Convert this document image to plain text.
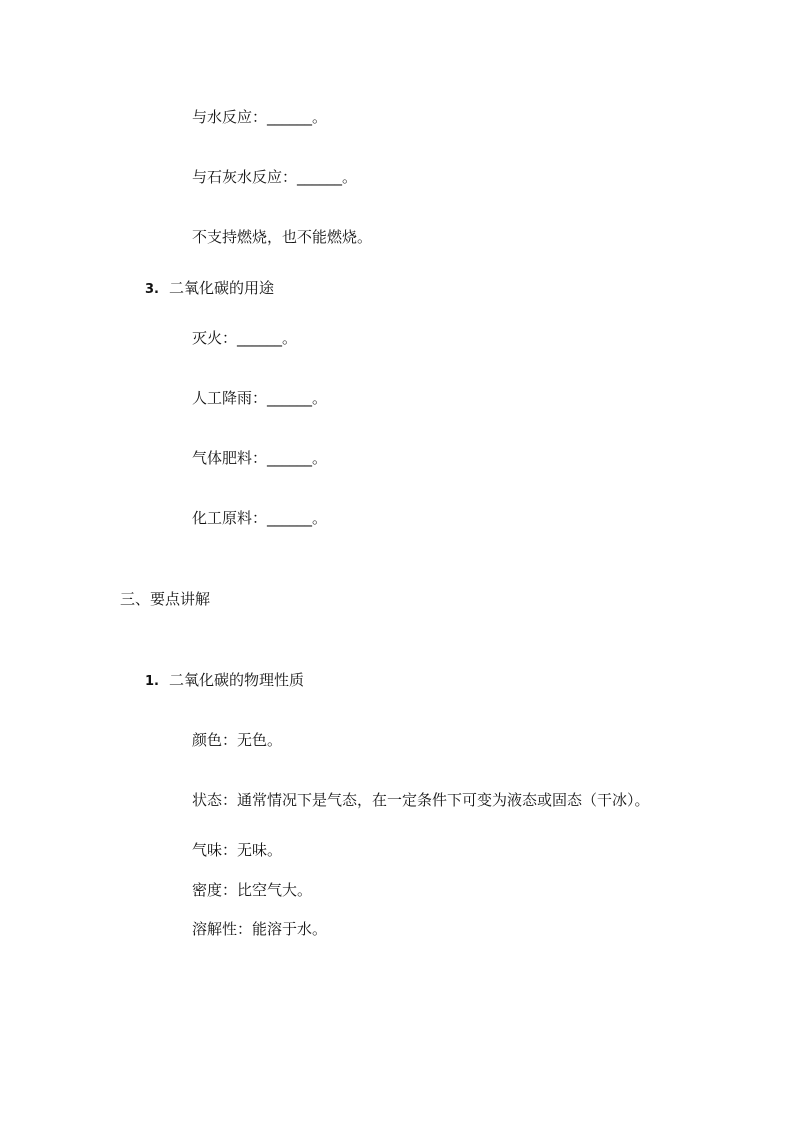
与水反应：______。
与石灰水反应：______。
不支持燃烧，也不能燃烧。
3. 二氧化碳的用途
灭火：______。
人工降雨：______。
气体肥料：______。
化工原料：______。
三、要点讲解
1. 二氧化碳的物理性质
颜色：无色。
状态：通常情况下是气态，在一定条件下可变为液态或固态（干冰）。
气味：无味。
密度：比空气大。
溶解性：能溶于水。
